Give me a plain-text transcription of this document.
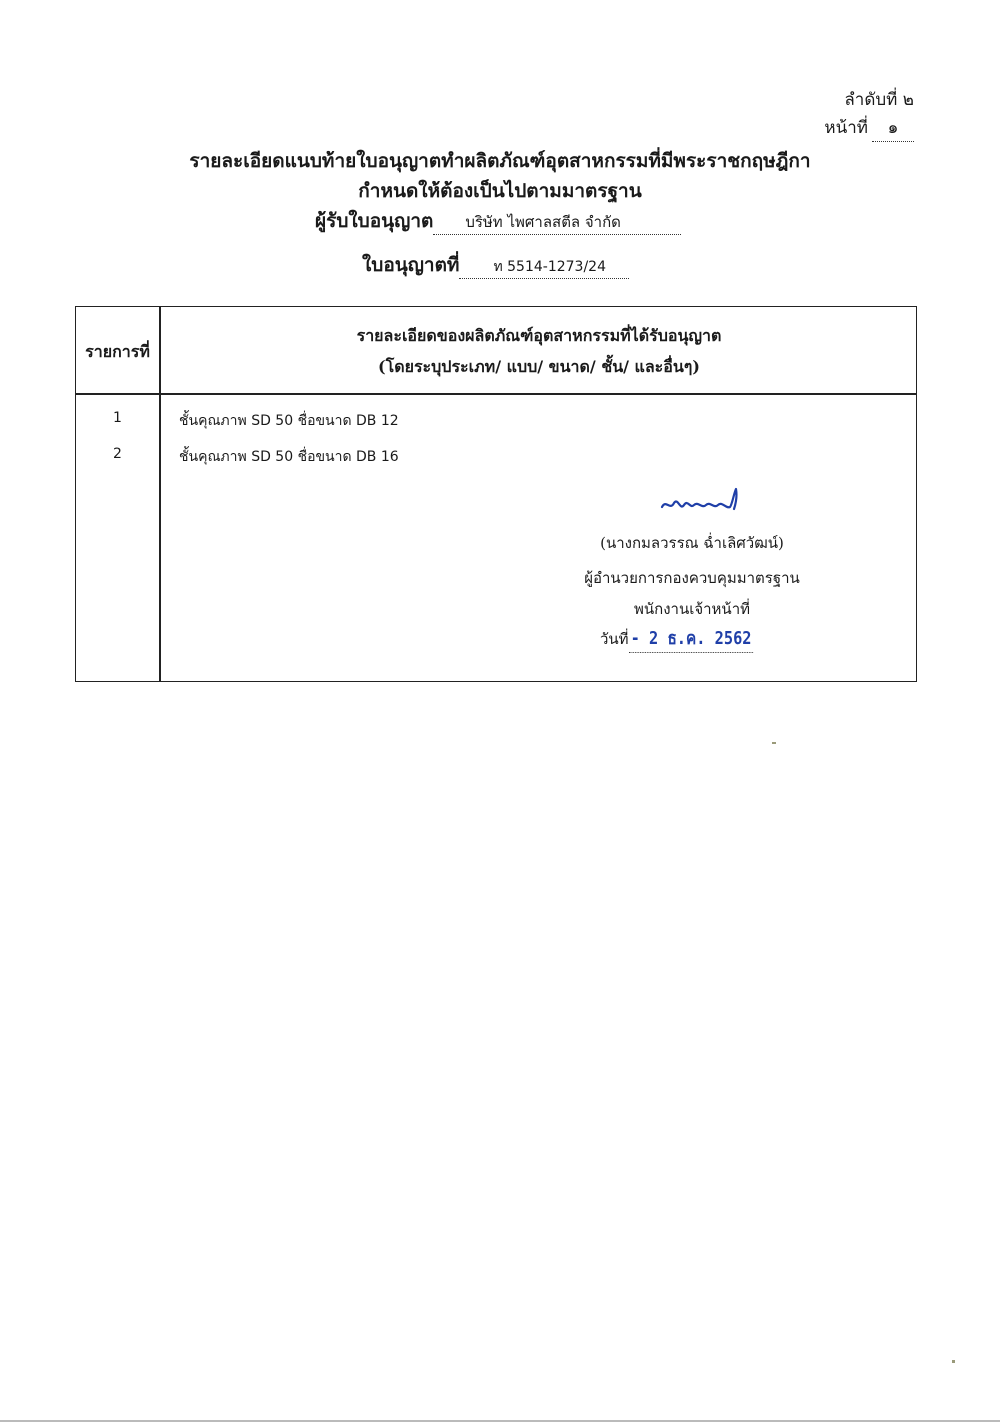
ลำดับที่ ๒
หน้าที่	๑
รายละเอียดแนบท้ายใบอนุญาตทำผลิตภัณฑ์อุตสาหกรรมที่มีพระราชกฤษฎีกา
กำหนดให้ต้องเป็นไปตามมาตรฐาน
ผู้รับใบอนุญาต	บริษัท ไพศาลสตีล จำกัด
ใบอนุญาตที่	ท 5514-1273/24
รายการที่
รายละเอียดของผลิตภัณฑ์อุตสาหกรรมที่ได้รับอนุญาต
(โดยระบุประเภท/ แบบ/ ขนาด/ ชั้น/ และอื่นๆ)
1	ชั้นคุณภาพ SD 50 ชื่อขนาด DB 12
2	ชั้นคุณภาพ SD 50 ชื่อขนาด DB 16
(นางกมลวรรณ ฉ่ำเลิศวัฒน์)
ผู้อำนวยการกองควบคุมมาตรฐาน
พนักงานเจ้าหน้าที่
วันที่ - 2 ธ.ค. 2562
